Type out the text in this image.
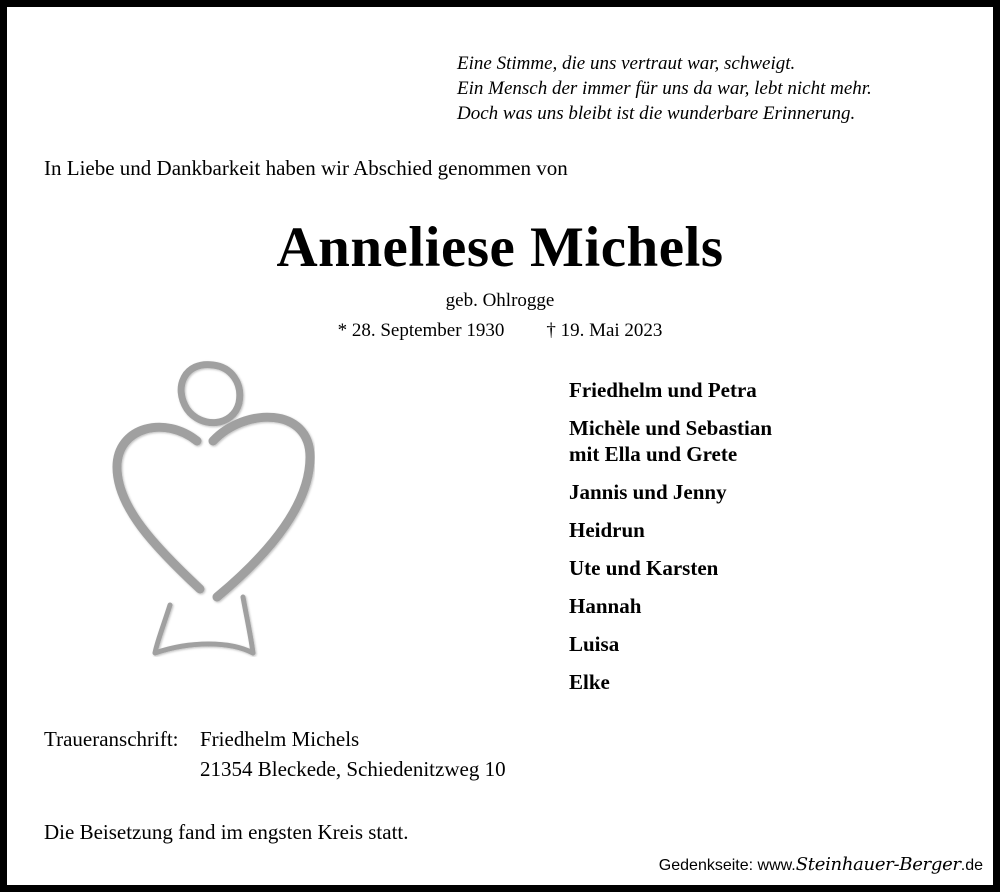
Eine Stimme, die uns vertraut war, schweigt.
Ein Mensch der immer für uns da war, lebt nicht mehr.
Doch was uns bleibt ist die wunderbare Erinnerung.
In Liebe und Dankbarkeit haben wir Abschied genommen von
Anneliese Michels
geb. Ohlrogge
* 28. September 1930 † 19. Mai 2023
Friedhelm und Petra
Michèle und Sebastian
mit Ella und Grete
Jannis und Jenny
Heidrun
Ute und Karsten
Hannah
Luisa
Elke
Traueranschrift: Friedhelm Michels
21354 Bleckede, Schiedenitzweg 10
Die Beisetzung fand im engsten Kreis statt.
Gedenkseite: www.Steinhauer-Berger.de
